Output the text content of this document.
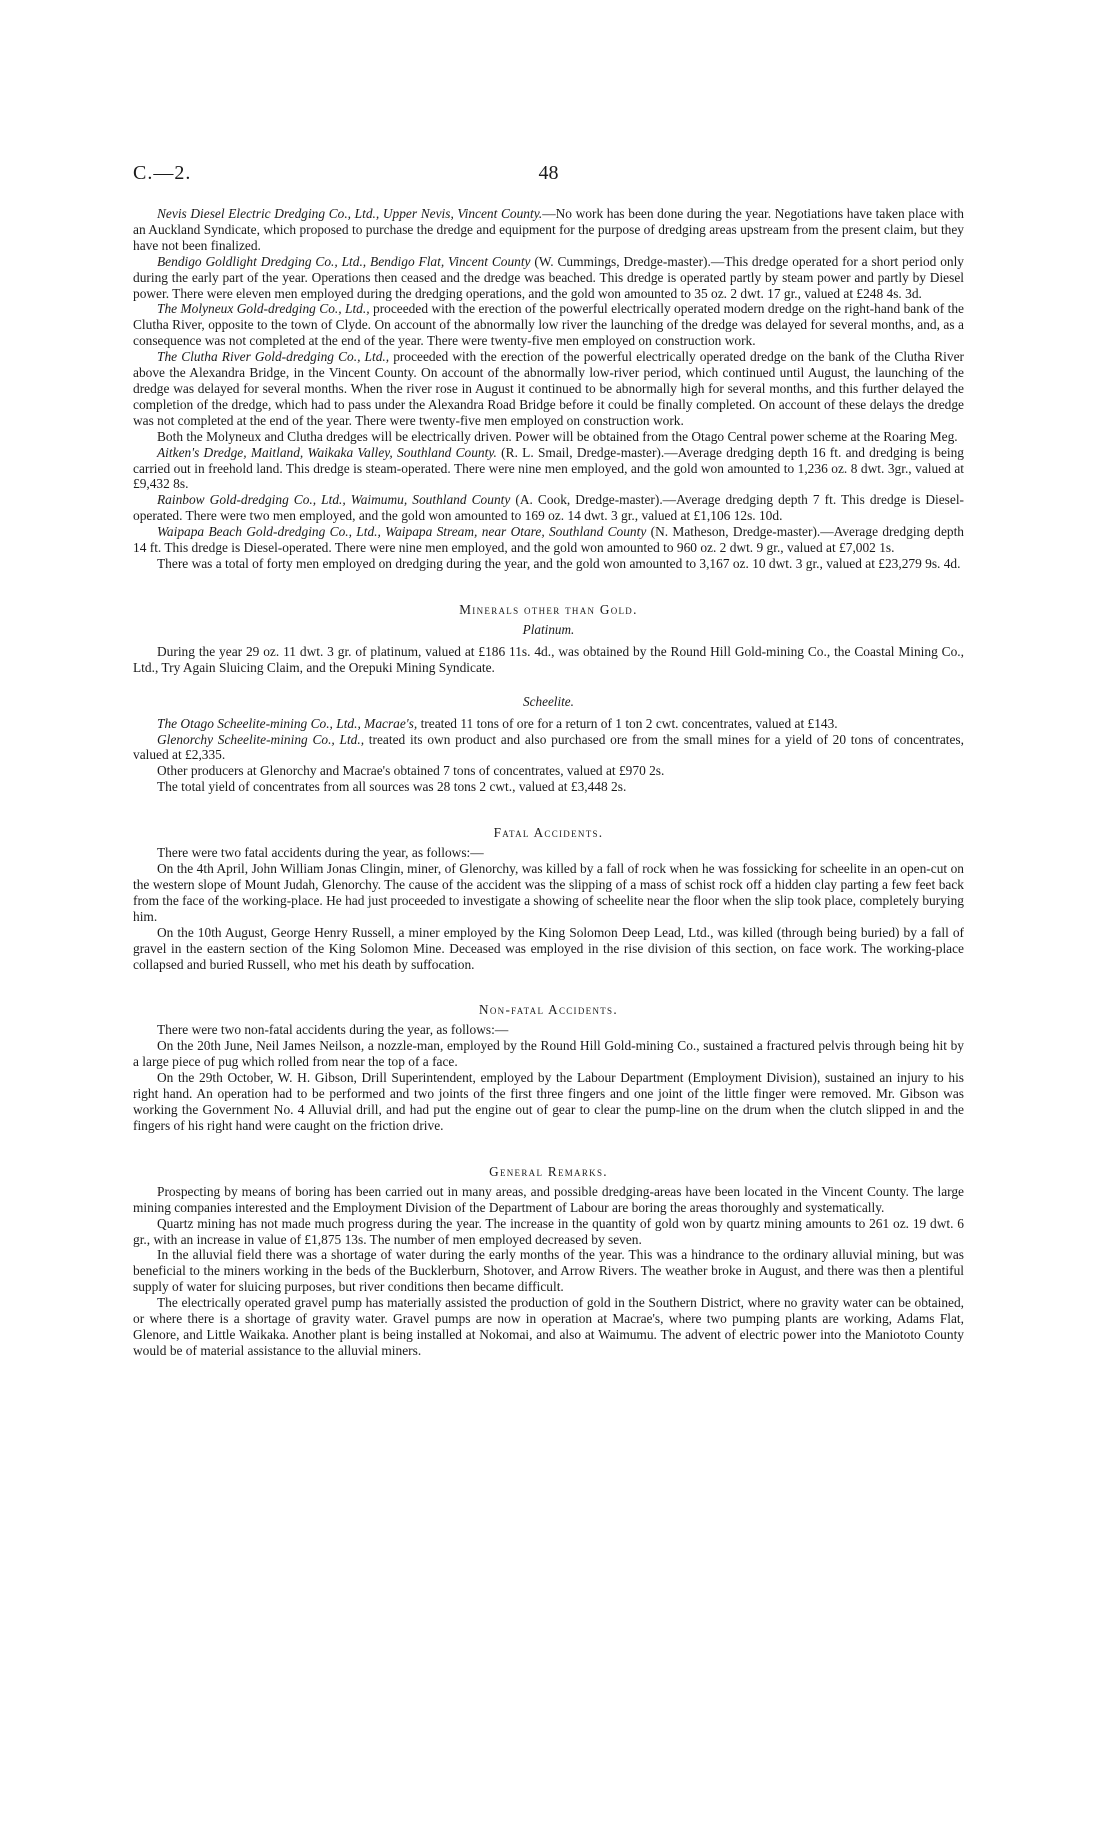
C.—2.	48

Nevis Diesel Electric Dredging Co., Ltd., Upper Nevis, Vincent County.—No work has been done during the year. Negotiations have taken place with an Auckland Syndicate, which proposed to purchase the dredge and equipment for the purpose of dredging areas upstream from the present claim, but they have not been finalized.

Bendigo Goldlight Dredging Co., Ltd., Bendigo Flat, Vincent County (W. Cummings, Dredge-master).—This dredge operated for a short period only during the early part of the year. Operations then ceased and the dredge was beached. This dredge is operated partly by steam power and partly by Diesel power. There were eleven men employed during the dredging operations, and the gold won amounted to 35 oz. 2 dwt. 17 gr., valued at £248 4s. 3d.

The Molyneux Gold-dredging Co., Ltd., proceeded with the erection of the powerful electrically operated modern dredge on the right-hand bank of the Clutha River, opposite to the town of Clyde. On account of the abnormally low river the launching of the dredge was delayed for several months, and, as a consequence was not completed at the end of the year. There were twenty-five men employed on construction work.

The Clutha River Gold-dredging Co., Ltd., proceeded with the erection of the powerful electrically operated dredge on the bank of the Clutha River above the Alexandra Bridge, in the Vincent County. On account of the abnormally low-river period, which continued until August, the launching of the dredge was delayed for several months. When the river rose in August it continued to be abnormally high for several months, and this further delayed the completion of the dredge, which had to pass under the Alexandra Road Bridge before it could be finally completed. On account of these delays the dredge was not completed at the end of the year. There were twenty-five men employed on construction work.

Both the Molyneux and Clutha dredges will be electrically driven. Power will be obtained from the Otago Central power scheme at the Roaring Meg.

Aitken's Dredge, Maitland, Waikaka Valley, Southland County. (R. L. Smail, Dredge-master).—Average dredging depth 16 ft. and dredging is being carried out in freehold land. This dredge is steam-operated. There were nine men employed, and the gold won amounted to 1,236 oz. 8 dwt. 3gr., valued at £9,432 8s.

Rainbow Gold-dredging Co., Ltd., Waimumu, Southland County (A. Cook, Dredge-master).—Average dredging depth 7 ft. This dredge is Diesel-operated. There were two men employed, and the gold won amounted to 169 oz. 14 dwt. 3 gr., valued at £1,106 12s. 10d.

Waipapa Beach Gold-dredging Co., Ltd., Waipapa Stream, near Otare, Southland County (N. Matheson, Dredge-master).—Average dredging depth 14 ft. This dredge is Diesel-operated. There were nine men employed, and the gold won amounted to 960 oz. 2 dwt. 9 gr., valued at £7,002 1s.

There was a total of forty men employed on dredging during the year, and the gold won amounted to 3,167 oz. 10 dwt. 3 gr., valued at £23,279 9s. 4d.

Minerals other than Gold.
Platinum.

During the year 29 oz. 11 dwt. 3 gr. of platinum, valued at £186 11s. 4d., was obtained by the Round Hill Gold-mining Co., the Coastal Mining Co., Ltd., Try Again Sluicing Claim, and the Orepuki Mining Syndicate.

Scheelite.

The Otago Scheelite-mining Co., Ltd., Macrae's, treated 11 tons of ore for a return of 1 ton 2 cwt. concentrates, valued at £143.

Glenorchy Scheelite-mining Co., Ltd., treated its own product and also purchased ore from the small mines for a yield of 20 tons of concentrates, valued at £2,335.

Other producers at Glenorchy and Macrae's obtained 7 tons of concentrates, valued at £970 2s.

The total yield of concentrates from all sources was 28 tons 2 cwt., valued at £3,448 2s.

Fatal Accidents.

There were two fatal accidents during the year, as follows:—

On the 4th April, John William Jonas Clingin, miner, of Glenorchy, was killed by a fall of rock when he was fossicking for scheelite in an open-cut on the western slope of Mount Judah, Glenorchy. The cause of the accident was the slipping of a mass of schist rock off a hidden clay parting a few feet back from the face of the working-place. He had just proceeded to investigate a showing of scheelite near the floor when the slip took place, completely burying him.

On the 10th August, George Henry Russell, a miner employed by the King Solomon Deep Lead, Ltd., was killed (through being buried) by a fall of gravel in the eastern section of the King Solomon Mine. Deceased was employed in the rise division of this section, on face work. The working-place collapsed and buried Russell, who met his death by suffocation.

Non-fatal Accidents.

There were two non-fatal accidents during the year, as follows:—

On the 20th June, Neil James Neilson, a nozzle-man, employed by the Round Hill Gold-mining Co., sustained a fractured pelvis through being hit by a large piece of pug which rolled from near the top of a face.

On the 29th October, W. H. Gibson, Drill Superintendent, employed by the Labour Department (Employment Division), sustained an injury to his right hand. An operation had to be performed and two joints of the first three fingers and one joint of the little finger were removed. Mr. Gibson was working the Government No. 4 Alluvial drill, and had put the engine out of gear to clear the pump-line on the drum when the clutch slipped in and the fingers of his right hand were caught on the friction drive.

General Remarks.

Prospecting by means of boring has been carried out in many areas, and possible dredging-areas have been located in the Vincent County. The large mining companies interested and the Employment Division of the Department of Labour are boring the areas thoroughly and systematically.

Quartz mining has not made much progress during the year. The increase in the quantity of gold won by quartz mining amounts to 261 oz. 19 dwt. 6 gr., with an increase in value of £1,875 13s. The number of men employed decreased by seven.

In the alluvial field there was a shortage of water during the early months of the year. This was a hindrance to the ordinary alluvial mining, but was beneficial to the miners working in the beds of the Bucklerburn, Shotover, and Arrow Rivers. The weather broke in August, and there was then a plentiful supply of water for sluicing purposes, but river conditions then became difficult.

The electrically operated gravel pump has materially assisted the production of gold in the Southern District, where no gravity water can be obtained, or where there is a shortage of gravity water. Gravel pumps are now in operation at Macrae's, where two pumping plants are working, Adams Flat, Glenore, and Little Waikaka. Another plant is being installed at Nokomai, and also at Waimumu. The advent of electric power into the Maniototo County would be of material assistance to the alluvial miners.
